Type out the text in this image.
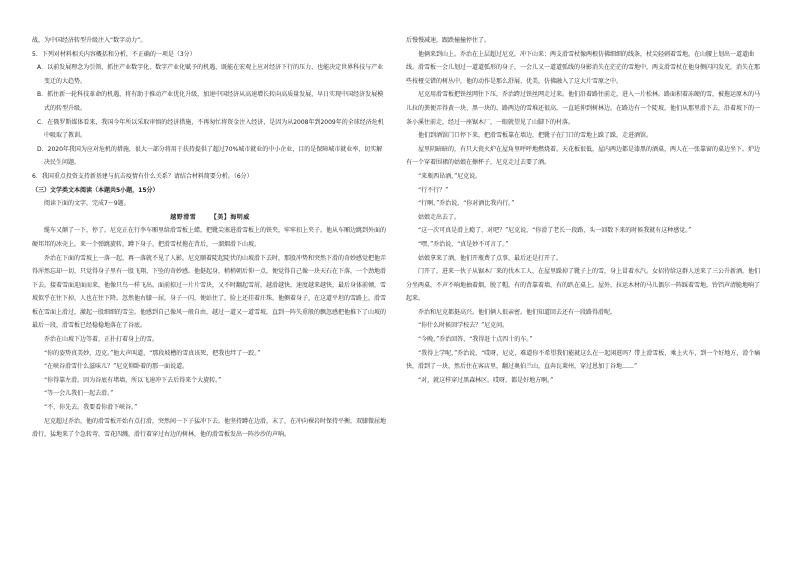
战，为中国经济转型升级注入“数字动力”。

5．下列对材料相关内容概括和分析，不正确的一项是（3分）

A．以前发展理念为引领，抓住产业数字化、数字产业化赋予的机遇，既能在宏观上应对经济下行的压力，也能决定世界科技与产业变迁的大趋势。

B．抓住新一轮科技革命的机遇，将有助于推动产业优化升级，加速中国经济从高速增长转向高质量发展，早日实现中国经济发展模式的转型升级。

C．在俄罗斯媒体看来，我国今年所以采取审慎的经济措施，不再匆忙将资金注入经济，是因为从2008年到2009年的全球经济危机中吸取了教训。

D．2020年我国为应对危机的措施，很大一部分将用于扶持提供了超过70%城市就业的中小企业，目的是保障城市就业率，切实解决民生问题。

6．我国重点投资支持新基建与抗击疫情有什么关系？请结合材料简要分析。（6分）

（三）文学类文本阅读（本题共5小题，15分）

阅读下面的文字，完成7～9题。

越野滑雪 【美】海明威

缆车又颠了一下，停了。尼克正在行李车厢里给滑雪板上蜡，把靴尖塞进滑雪板上的铁夹，牢牢扣上夹子。他从车厢边跳到外面的硬邦邦的冰壳上，来一个弹跳旋转，蹲下身子，把滑雪杖拖在背后，一溜烟滑下山坡。

乔治在下面的雪坡上一落一起，再一落就不见了人影。尼克顺着陡起陡伏的山坡滑下去时，那股冲势和突然下滑的奇妙感觉把他弄得浑然忘却一切，只觉得身子里有一股飞翔、下坠的奇妙感。他挺起身，稍稍朝后仰一点，便觉得自己像一块天石在下落，一个劲地滑下去。接着雪面迎面而来，他像只鸟一样飞出。面前掠过一片片雪块，又不时翻起雪屑，越滑越快，速度越来越快，最后身体前倾，雪坡似乎在往下掉，人也在往下降。忽然他右膝一屈，身子一闪，便站住了，脸上还挂着汗珠。他侧着身子，在这道平坦的雪路上，滑雪板在雪面上滑过，激起一股细细的雪尘。他感到自己像风一般自由，越过一道又一道雪坡，直到一阵失重般的飘忽感把他推下了山坡的最后一段，滑雪板已经稳稳地落在了谷底。

乔治在山坡下边等着，正扑打着身上的雪。

“你的姿势真美妙，迈克。”他大声叫道，“那段坡槽的雪真该死，把我也绊了一跤。”

“在峡谷滑雪什么滋味儿？”尼克仰卧着的那一面说道。

“你得靠左滑。因为谷底有堵墙，所以飞速冲下去后得来个大旋转。”

“等一会儿我们一起去滑。”

“不，你先去。我要看你滑下峡谷。”

尼克超过乔治，他的滑雪板开始有点打滑，突然间一下子猛冲下去。他坚持蹲在边滑，末了，在冲向裸岩时保持平衡，双膝微屈地滑行，猛地来了个急转弯，雪花四溅，滑行着穿过右边的树林，他的滑雪板发出一阵沙沙的声响。

后慢慢减速，跟跌撞撞停住了。

他俩来到山上。乔治在上层超过尼克，冲下山来；两支滑雪杖像两根仿佛细细的线条，杖尖轻刺着雪地，在山腰上划出一道道曲线。滑雪板一会儿划过一道道弧形的身子，一会儿又一道道弧线的身影消失在茫茫的雪地中，两支滑雪杖在他身侧闪闪发光，消失在那些枝桠交错的树丛中，他的动作是那么舒展、优美，仿佛融入了这大片雪原之中。

尼克用滑雪板把铁丝网往下压，乔治跨过铁丝网走过来。他们沿着路往前走，进入一片松林。路面积着冻硬的雪，被拖运原木的马儿拉的粪便弄得黄一块、黑一块的。路两边的雪堆还很高，一直延伸到树林边。在路边有一个陡坡，他们从那里滑下去，沿着坡下的一条小溪往前走，经过一座锯木厂，一眼就望见了山脚下的村落。

他们到酒馆门口停下来，把滑雪板靠在墙边，把靴子在门口的雪地上跺了跺，走进酒馆。

屋里阴暗暗的，有只大瓷火炉在屋角里呼呼地燃烧着。天花板很低，屋内两边都是漆黑的酒桌，两人在一张靠窗的桌边坐下。炉边有一个穿着围裙的姑娘在擦杯子，尼克走过去要了酒。

“来瓶西昂酒，”尼克说。

“行不行？”

“行啊，”乔治说，“你对酒比我内行。”

姑娘走出去了。

“这一次可真是滑上瘾了，对吧？”尼克说，“你滑了老长一段路，头一回数下来的时候我就有这种感觉。”

“嘿，”乔治说，“真是妙不可言了。”

姑娘拿来了酒，他们开瓶费了点事，最后还是打开了。

门开了，进来一伙子从锯木厂来的伐木工人，在屋里跺掉了靴子上的雪，身上冒着水汽。女招待给这群人送来了三公升新酒，他们分坐两桌，不声不响地抽着烟，脱了帽，有的背靠着墙，有的趴在桌上。屋外，拉运木材的马儿偶尔一阵踩着雪地，铃铛声清脆地响了起来。

乔治和尼克都挺高兴。他们俩人很亲密。他们知道回去还有一段路得滑呢。

“你什么时候回学校去？”尼克问。

“今晚，”乔治回答，“我得赶十点四十的车。”

“我得上学呢，”乔治说，“哎呀，尼克，难道你不希望我们能就这么在一起闲逛吗？带上滑雪板，乘上火车，到一个好地方，滑个痛快，滑到了一块，然后住在客店里，翻过奥伯兰山，直奔瓦莱州，穿过恩加丁谷地……”

“对，就这样穿过黑森林区。哎呀，都是好地方啊。”
